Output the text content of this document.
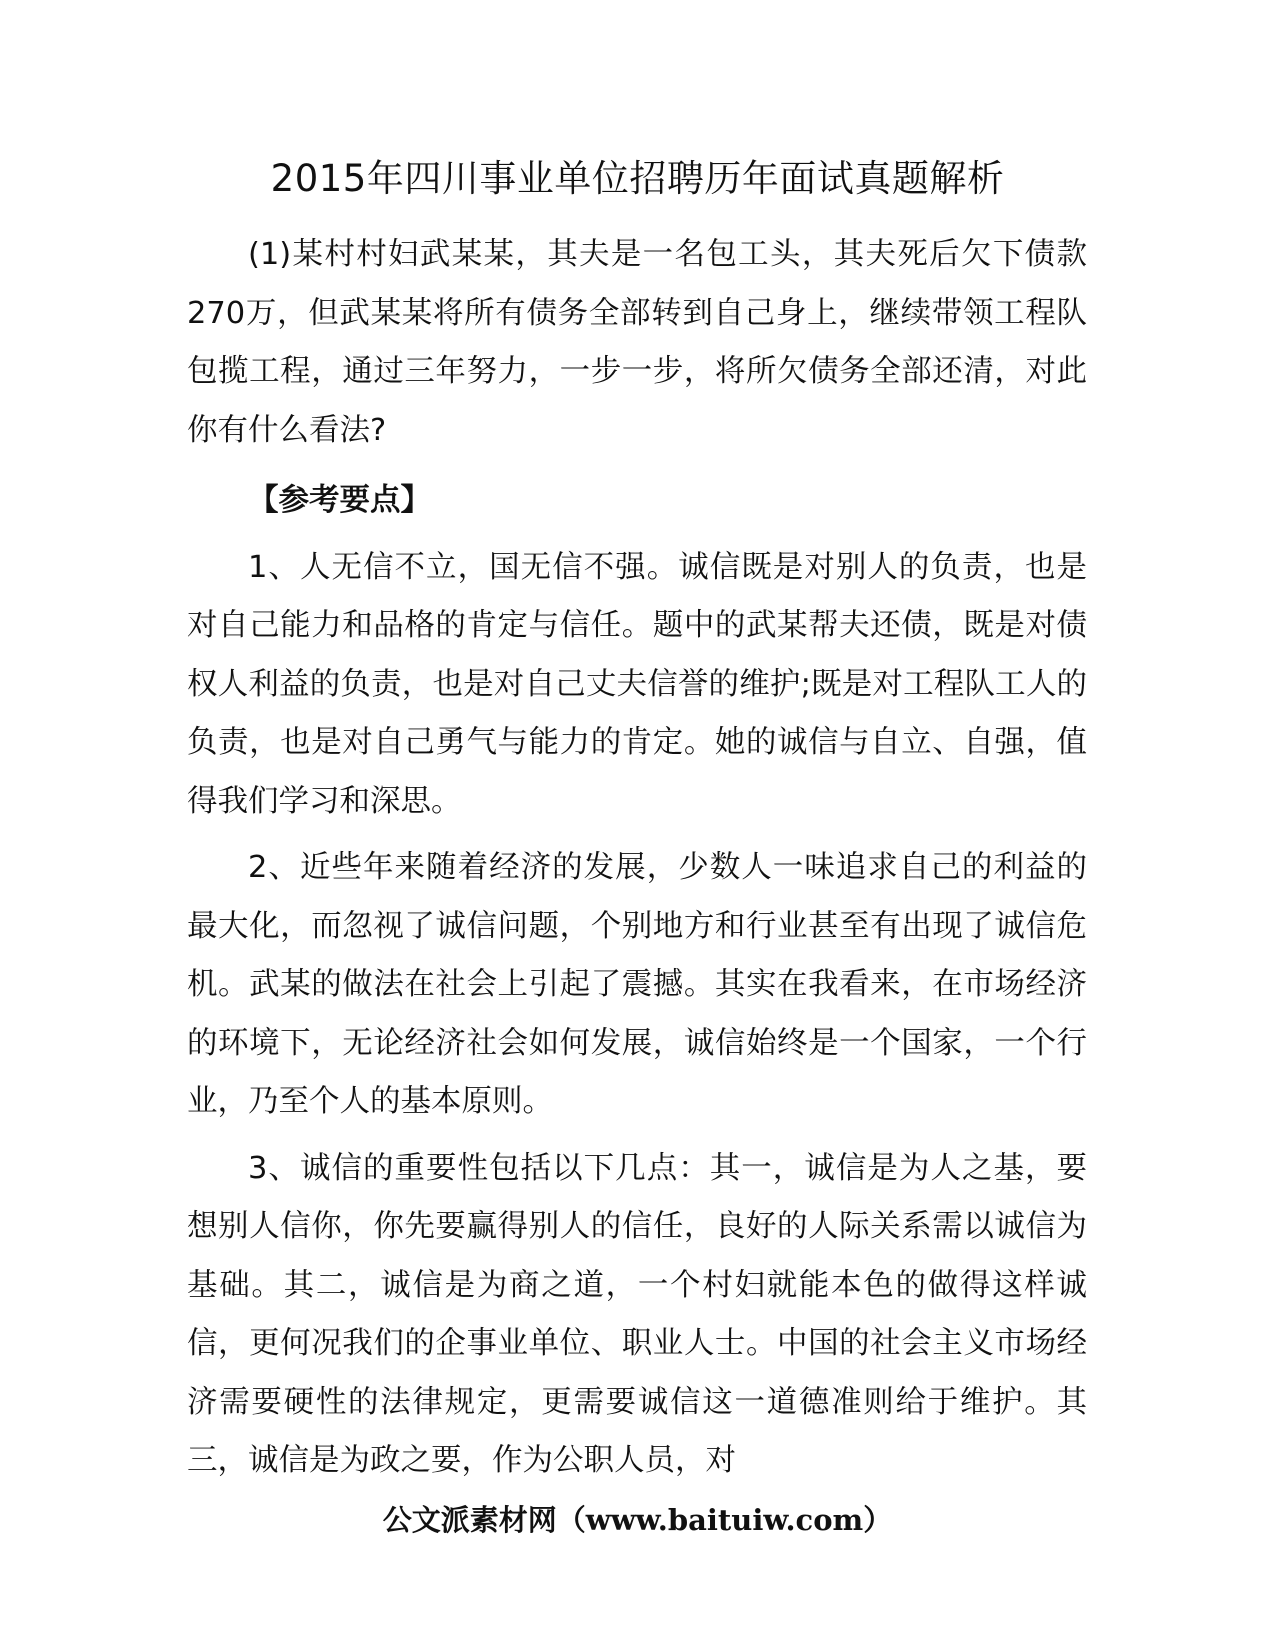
2015年四川事业单位招聘历年面试真题解析

(1)某村村妇武某某，其夫是一名包工头，其夫死后欠下债款270万，但武某某将所有债务全部转到自己身上，继续带领工程队包揽工程，通过三年努力，一步一步，将所欠债务全部还清，对此你有什么看法?

【参考要点】

1、人无信不立，国无信不强。诚信既是对别人的负责，也是对自己能力和品格的肯定与信任。题中的武某帮夫还债，既是对债权人利益的负责，也是对自己丈夫信誉的维护;既是对工程队工人的负责，也是对自己勇气与能力的肯定。她的诚信与自立、自强，值得我们学习和深思。

2、近些年来随着经济的发展，少数人一味追求自己的利益的最大化，而忽视了诚信问题，个别地方和行业甚至有出现了诚信危机。武某的做法在社会上引起了震撼。其实在我看来，在市场经济的环境下，无论经济社会如何发展，诚信始终是一个国家，一个行业，乃至个人的基本原则。

3、诚信的重要性包括以下几点：其一，诚信是为人之基，要想别人信你，你先要赢得别人的信任，良好的人际关系需以诚信为基础。其二，诚信是为商之道，一个村妇就能本色的做得这样诚信，更何况我们的企事业单位、职业人士。中国的社会主义市场经济需要硬性的法律规定，更需要诚信这一道德准则给于维护。其三，诚信是为政之要，作为公职人员，对

公文派素材网（www.baituiw.com）
